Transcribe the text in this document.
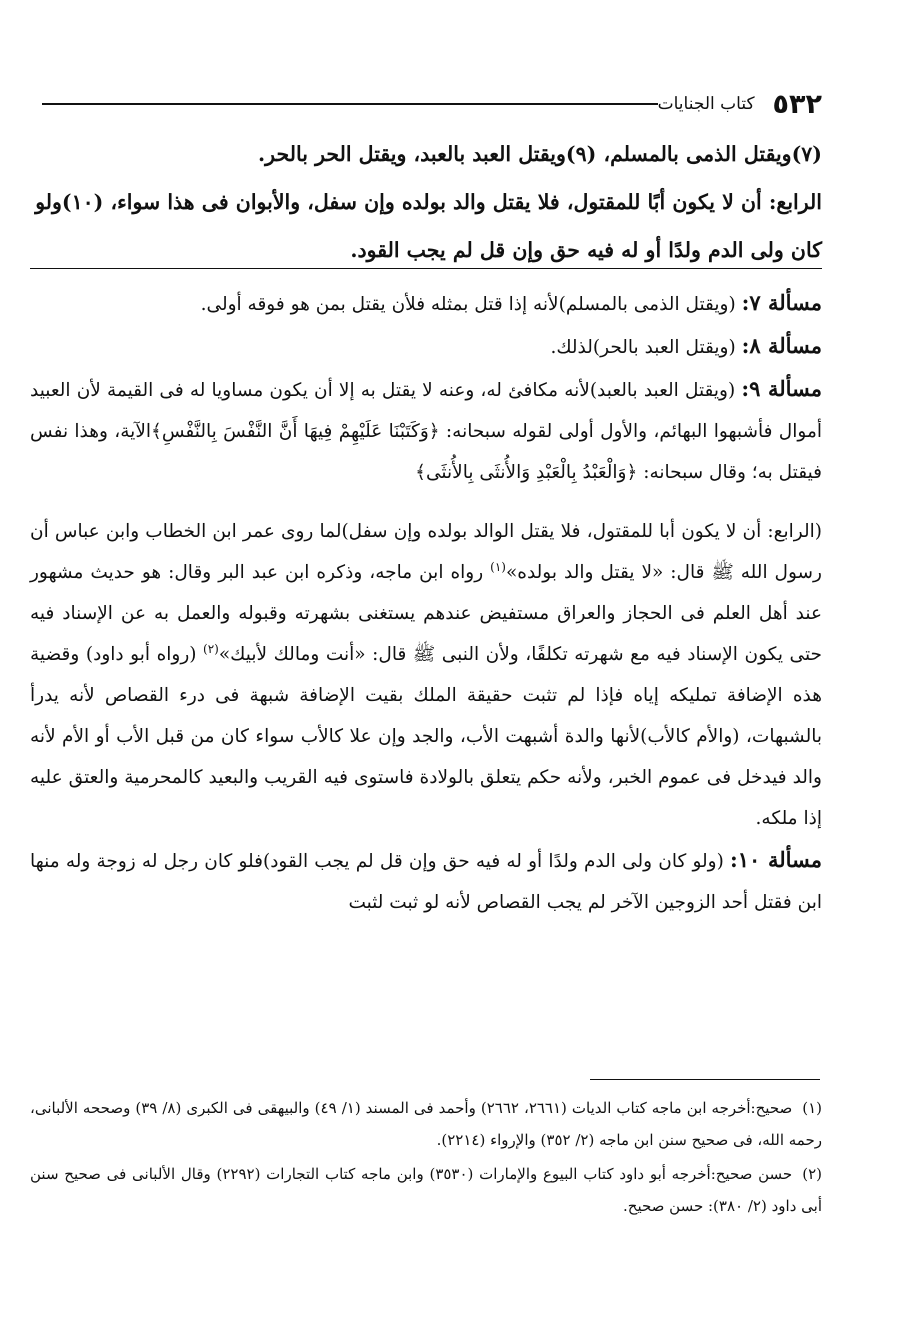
٥٣٢
كتاب الجنايات

(٧)ويقتل الذمى بالمسلم، (٩)ويقتل العبد بالعبد، ويقتل الحر بالحر.

الرابع: أن لا يكون أبًا للمقتول، فلا يقتل والد بولده وإن سفل، والأبوان فى هذا سواء، (١٠)ولو كان ولى الدم ولدًا أو له فيه حق وإن قل لم يجب القود.

مسألة ٧: (ويقتل الذمى بالمسلم)لأنه إذا قتل بمثله فلأن يقتل بمن هو فوقه أولى.

مسألة ٨: (ويقتل العبد بالحر)لذلك.

مسألة ٩: (ويقتل العبد بالعبد)لأنه مكافئ له، وعنه لا يقتل به إلا أن يكون مساويا له فى القيمة لأن العبيد أموال فأشبهوا البهائم، والأول أولى لقوله سبحانه: ﴿وَكَتَبْنَا عَلَيْهِمْ فِيهَا أَنَّ النَّفْسَ بِالنَّفْسِ﴾الآية، وهذا نفس فيقتل به؛ وقال سبحانه: ﴿وَالْعَبْدُ بِالْعَبْدِ وَالأُنثَى بِالأُنثَى﴾

(الرابع: أن لا يكون أبا للمقتول، فلا يقتل الوالد بولده وإن سفل)لما روى عمر ابن الخطاب وابن عباس أن رسول الله ﷺ قال: «لا يقتل والد بولده»$^{(١)}$ رواه ابن ماجه، وذكره ابن عبد البر وقال: هو حديث مشهور عند أهل العلم فى الحجاز والعراق مستفيض عندهم يستغنى بشهرته وقبوله والعمل به عن الإسناد فيه حتى يكون الإسناد فيه مع شهرته تكلفًا، ولأن النبى ﷺ قال: «أنت ومالك لأبيك»$^{(٢)}$ (رواه أبو داود) وقضية هذه الإضافة تمليكه إياه فإذا لم تثبت حقيقة الملك بقيت الإضافة شبهة فى درء القصاص لأنه يدرأ بالشبهات، (والأم كالأب)لأنها والدة أشبهت الأب، والجد وإن علا كالأب سواء كان من قبل الأب أو الأم لأنه والد فيدخل فى عموم الخبر، ولأنه حكم يتعلق بالولادة فاستوى فيه القريب والبعيد كالمحرمية والعتق عليه إذا ملكه.

مسألة ١٠: (ولو كان ولى الدم ولدًا أو له فيه حق وإن قل لم يجب القود)فلو كان رجل له زوجة وله منها ابن فقتل أحد الزوجين الآخر لم يجب القصاص لأنه لو ثبت لثبت

(١)صحيح:أخرجه ابن ماجه كتاب الديات (٢٦٦١، ٢٦٦٢) وأحمد فى المسند (١/ ٤٩) والبيهقى فى الكبرى (٨/ ٣٩) وصححه الألبانى، رحمه الله، فى صحيح سنن ابن ماجه (٢/ ٣٥٢) والإرواء (٢٢١٤).

(٢)حسن صحيح:أخرجه أبو داود كتاب البيوع والإمارات (٣٥٣٠) وابن ماجه كتاب التجارات (٢٢٩٢) وقال الألبانى فى صحيح سنن أبى داود (٢/ ٣٨٠): حسن صحيح.
